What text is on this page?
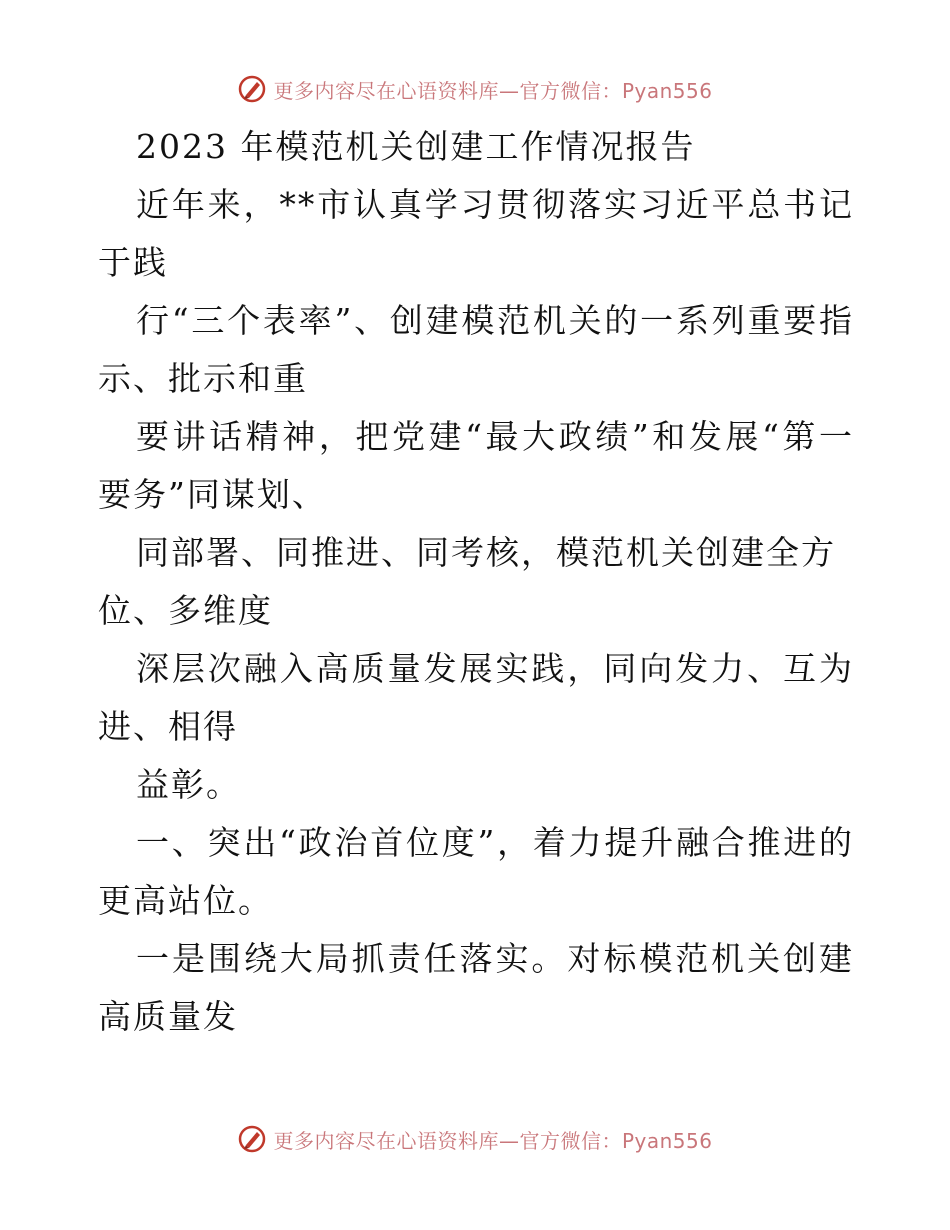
更多内容尽在心语资料库—官方微信：Pyan556
2023 年模范机关创建工作情况报告
近年来，**市认真学习贯彻落实习近平总书记
于践
行“三个表率”、创建模范机关的一系列重要指
示、批示和重
要讲话精神，把党建“最大政绩”和发展“第一
要务”同谋划、
同部署、同推进、同考核，模范机关创建全方
位、多维度
深层次融入高质量发展实践，同向发力、互为
进、相得
益彰。
一、突出“政治首位度”，着力提升融合推进的
更高站位。
一是围绕大局抓责任落实。对标模范机关创建
高质量发
更多内容尽在心语资料库—官方微信：Pyan556
